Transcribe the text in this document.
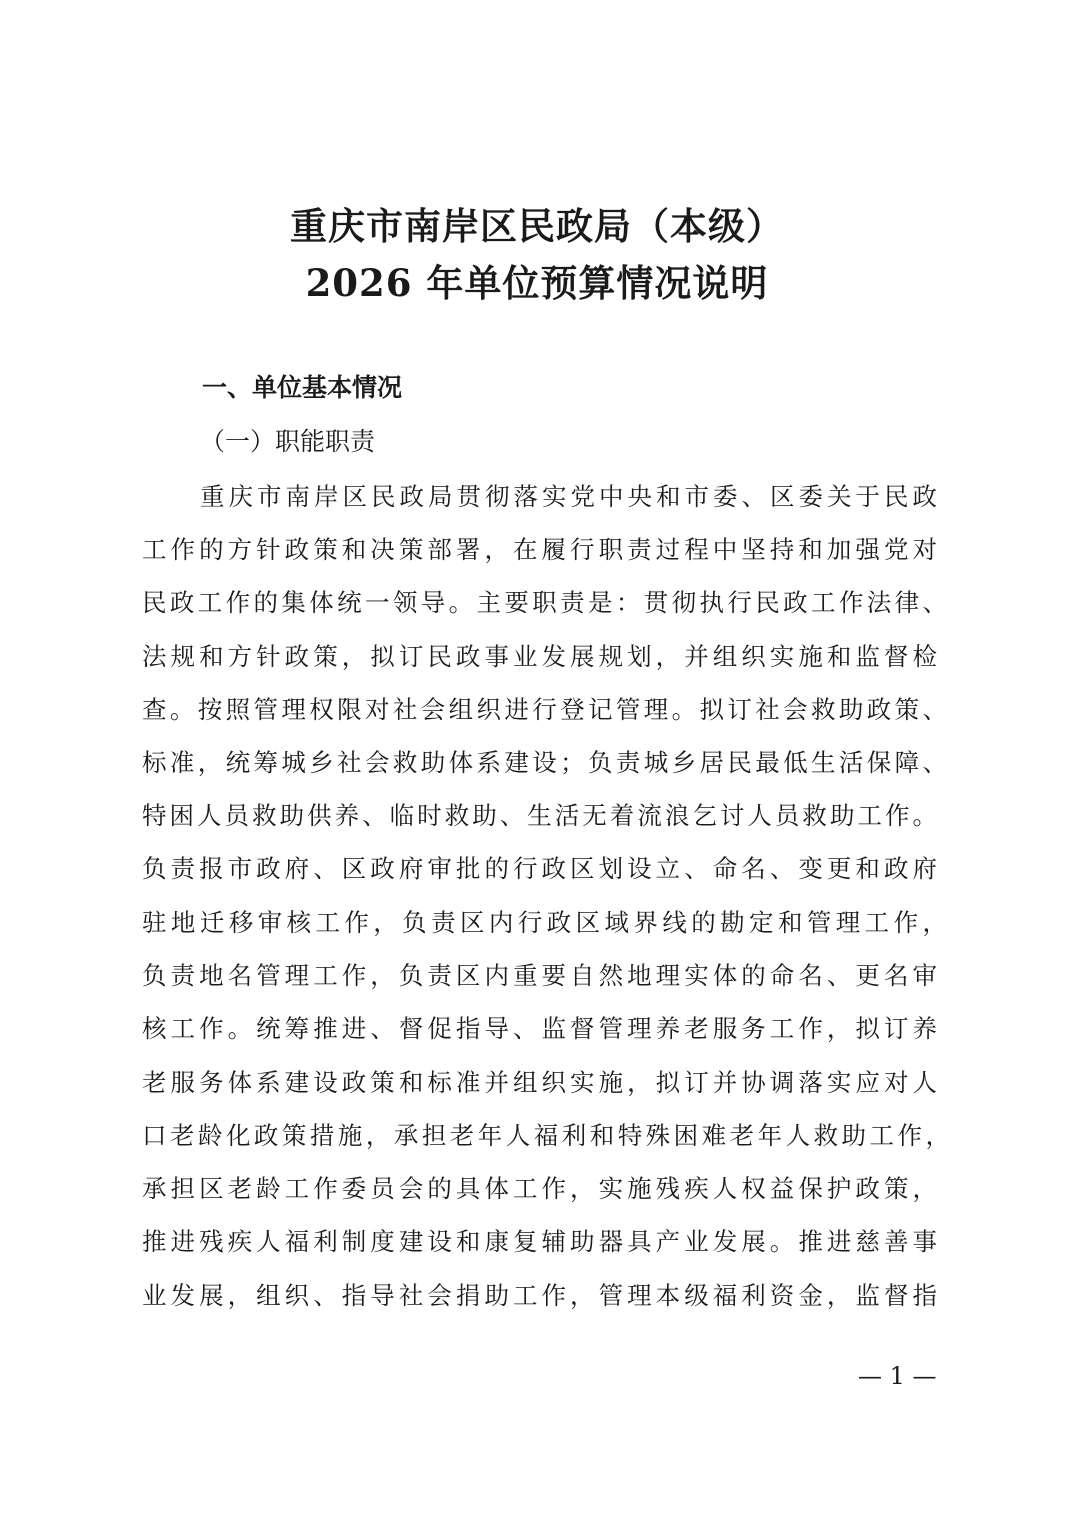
重庆市南岸区民政局（本级）
2026 年单位预算情况说明
一、单位基本情况
（一）职能职责
重庆市南岸区民政局贯彻落实党中央和市委、区委关于民政
工作的方针政策和决策部署，在履行职责过程中坚持和加强党对
民政工作的集体统一领导。主要职责是：贯彻执行民政工作法律、
法规和方针政策，拟订民政事业发展规划，并组织实施和监督检
查。按照管理权限对社会组织进行登记管理。拟订社会救助政策、
标准，统筹城乡社会救助体系建设；负责城乡居民最低生活保障、
特困人员救助供养、临时救助、生活无着流浪乞讨人员救助工作。
负责报市政府、区政府审批的行政区划设立、命名、变更和政府
驻地迁移审核工作，负责区内行政区域界线的勘定和管理工作，
负责地名管理工作，负责区内重要自然地理实体的命名、更名审
核工作。统筹推进、督促指导、监督管理养老服务工作，拟订养
老服务体系建设政策和标准并组织实施，拟订并协调落实应对人
口老龄化政策措施，承担老年人福利和特殊困难老年人救助工作，
承担区老龄工作委员会的具体工作，实施残疾人权益保护政策，
推进残疾人福利制度建设和康复辅助器具产业发展。推进慈善事
业发展，组织、指导社会捐助工作，管理本级福利资金，监督指
— 1 —
